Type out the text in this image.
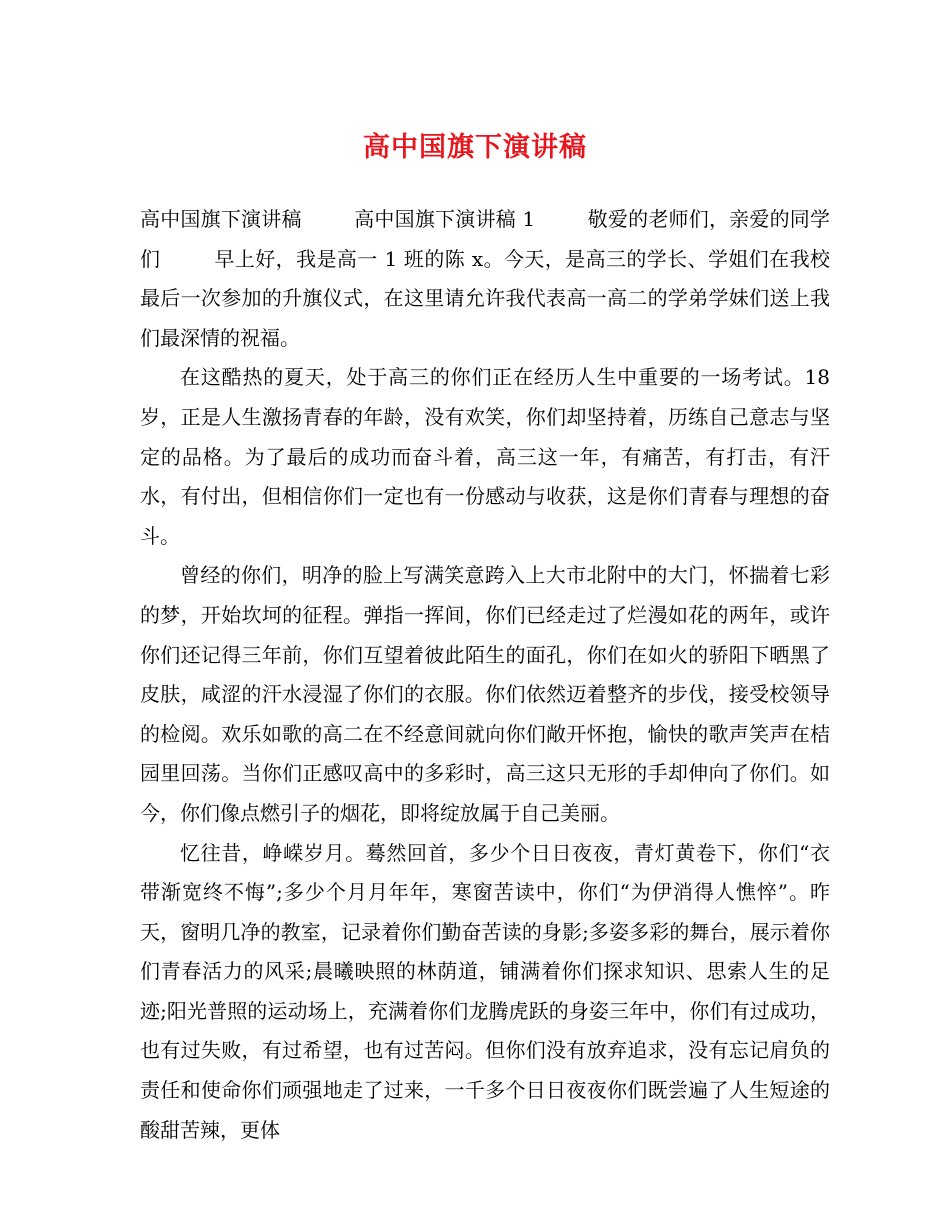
高中国旗下演讲稿

高中国旗下演讲稿        高中国旗下演讲稿 1        敬爱的老师们，亲爱的同学们        早上好，我是高一 1 班的陈 x。今天，是高三的学长、学姐们在我校最后一次参加的升旗仪式，在这里请允许我代表高一高二的学弟学妹们送上我们最深情的祝福。

在这酷热的夏天，处于高三的你们正在经历人生中重要的一场考试。18 岁，正是人生激扬青春的年龄，没有欢笑，你们却坚持着，历练自己意志与坚定的品格。为了最后的成功而奋斗着，高三这一年，有痛苦，有打击，有汗水，有付出，但相信你们一定也有一份感动与收获，这是你们青春与理想的奋斗。

曾经的你们，明净的脸上写满笑意跨入上大市北附中的大门，怀揣着七彩的梦，开始坎坷的征程。弹指一挥间，你们已经走过了烂漫如花的两年，或许你们还记得三年前，你们互望着彼此陌生的面孔，你们在如火的骄阳下晒黑了皮肤，咸涩的汗水浸湿了你们的衣服。你们依然迈着整齐的步伐，接受校领导的检阅。欢乐如歌的高二在不经意间就向你们敞开怀抱，愉快的歌声笑声在桔园里回荡。当你们正感叹高中的多彩时，高三这只无形的手却伸向了你们。如今，你们像点燃引子的烟花，即将绽放属于自己美丽。

忆往昔，峥嵘岁月。蓦然回首，多少个日日夜夜，青灯黄卷下，你们“衣带渐宽终不悔”;多少个月月年年，寒窗苦读中，你们“为伊消得人憔悴”。昨天，窗明几净的教室，记录着你们勤奋苦读的身影;多姿多彩的舞台，展示着你们青春活力的风采;晨曦映照的林荫道，铺满着你们探求知识、思索人生的足迹;阳光普照的运动场上，充满着你们龙腾虎跃的身姿三年中，你们有过成功，也有过失败，有过希望，也有过苦闷。但你们没有放弃追求，没有忘记肩负的责任和使命你们顽强地走了过来，一千多个日日夜夜你们既尝遍了人生短途的酸甜苦辣，更体
